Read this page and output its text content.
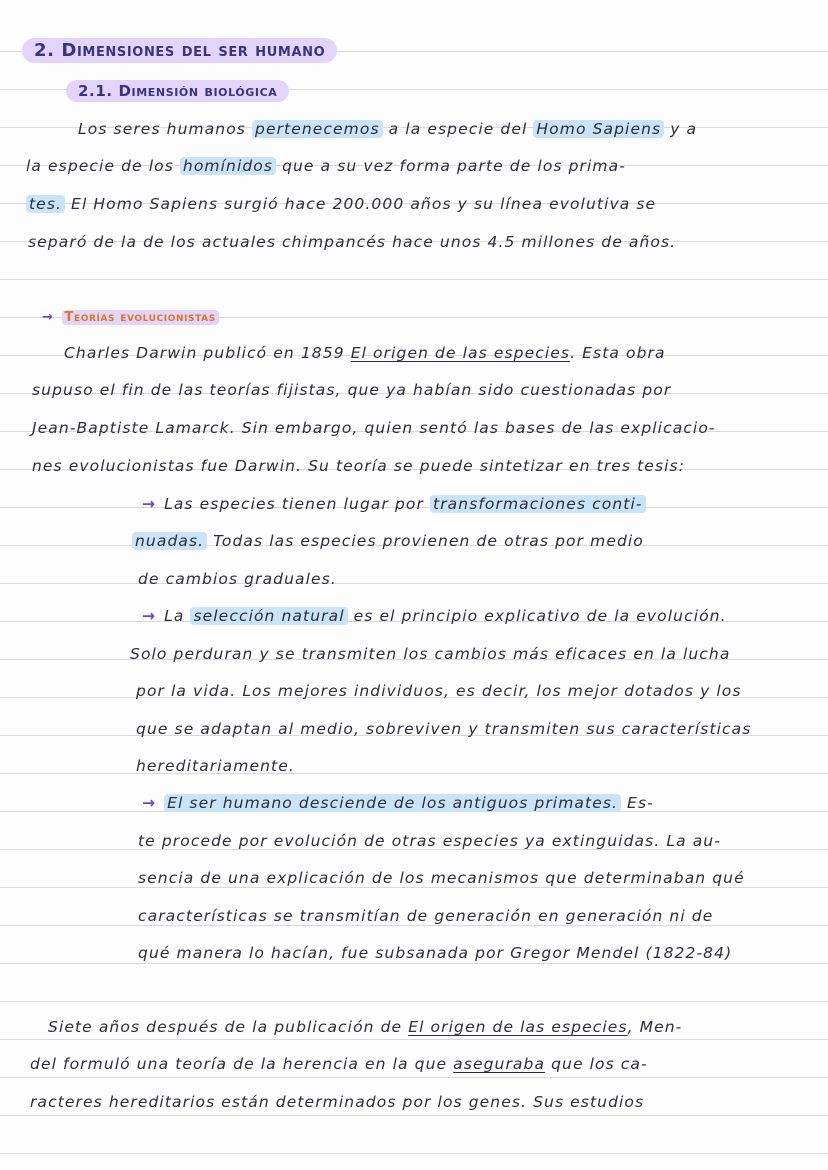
2. Dimensiones del ser humano
2.1. Dimensión biológica
Los seres humanos pertenecemos a la especie del Homo Sapiens y a
la especie de los homínidos que a su vez forma parte de los prima-
tes. El Homo Sapiens surgió hace 200.000 años y su línea evolutiva se
separó de la de los actuales chimpancés hace unos 4.5 millones de años.
→ Teorías evolucionistas
Charles Darwin publicó en 1859 El origen de las especies. Esta obra
supuso el fin de las teorías fijistas, que ya habían sido cuestionadas por
Jean-Baptiste Lamarck. Sin embargo, quien sentó las bases de las explicacio-
nes evolucionistas fue Darwin. Su teoría se puede sintetizar en tres tesis:
→ Las especies tienen lugar por transformaciones conti-
nuadas. Todas las especies provienen de otras por medio
de cambios graduales.
→ La selección natural es el principio explicativo de la evolución.
Solo perduran y se transmiten los cambios más eficaces en la lucha
por la vida. Los mejores individuos, es decir, los mejor dotados y los
que se adaptan al medio, sobreviven y transmiten sus características
hereditariamente.
→ El ser humano desciende de los antiguos primates. Es-
te procede por evolución de otras especies ya extinguidas. La au-
sencia de una explicación de los mecanismos que determinaban qué
características se transmitían de generación en generación ni de
qué manera lo hacían, fue subsanada por Gregor Mendel (1822-84)
Siete años después de la publicación de El origen de las especies, Men-
del formuló una teoría de la herencia en la que aseguraba que los ca-
racteres hereditarios están determinados por los genes. Sus estudios
